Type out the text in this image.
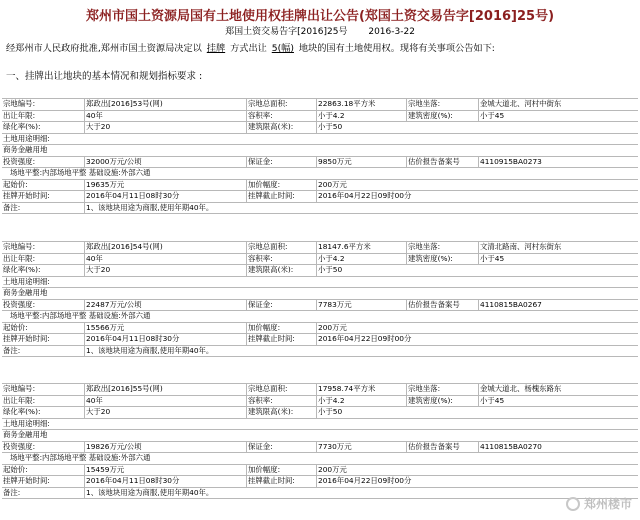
郑州市国土资源局国有土地使用权挂牌出让公告(郑国土资交易告字[2016]25号)
郑国土资交易告字[2016]25号 2016-3-22
经郑州市人民政府批准,郑州市国土资源局决定以 挂牌 方式出让 5(幅) 地块的国有土地使用权。现将有关事项公告如下:
一、挂牌出让地块的基本情况和规划指标要求 :
宗地编号:	郑政出[2016]53号(网)	宗地总面积:	22863.18平方米	宗地坐落:	金城大道北、河村中街东
出让年限:	40年	容积率:	小于4.2	建筑密度(%):	小于45
绿化率(%):	大于20	建筑限高(米):	小于50
土地用途明细:
商务金融用地
投资强度:	32000万元/公顷	保证金:	9850万元	估价报告备案号	4110915BA0273
场地平整:内部场地平整 基础设施:外部六通
起始价:	19635万元	加价幅度:	200万元
挂牌开始时间:	2016年04月11日08时30分	挂牌截止时间:	2016年04月22日09时00分
备注:	1、该地块用途为商服,使用年期40年。
宗地编号:	郑政出[2016]54号(网)	宗地总面积:	18147.6平方米	宗地坐落:	文清北路南、河村东街东
出让年限:	40年	容积率:	小于4.2	建筑密度(%):	小于45
绿化率(%):	大于20	建筑限高(米):	小于50
土地用途明细:
商务金融用地
投资强度:	22487万元/公顷	保证金:	7783万元	估价报告备案号	4110815BA0267
场地平整:内部场地平整 基础设施:外部六通
起始价:	15566万元	加价幅度:	200万元
挂牌开始时间:	2016年04月11日08时30分	挂牌截止时间:	2016年04月22日09时00分
备注:	1、该地块用途为商服,使用年期40年。
宗地编号:	郑政出[2016]55号(网)	宗地总面积:	17958.74平方米	宗地坐落:	金城大道北、杨槐东路东
出让年限:	40年	容积率:	小于4.2	建筑密度(%):	小于45
绿化率(%):	大于20	建筑限高(米):	小于50
土地用途明细:
商务金融用地
投资强度:	19826万元/公顷	保证金:	7730万元	估价报告备案号	4110815BA0270
场地平整:内部场地平整 基础设施:外部六通
起始价:	15459万元	加价幅度:	200万元
挂牌开始时间:	2016年04月11日08时30分	挂牌截止时间:	2016年04月22日09时00分
备注:	1、该地块用途为商服,使用年期40年。
郑州楼市
